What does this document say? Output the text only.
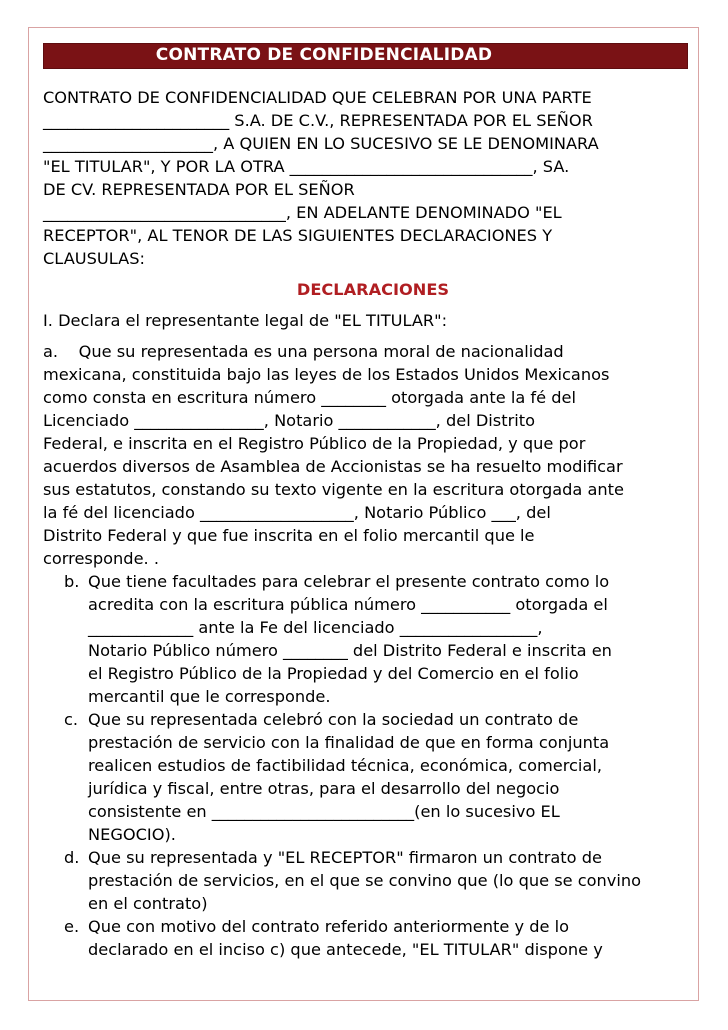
CONTRATO DE CONFIDENCIALIDAD
CONTRATO DE CONFIDENCIALIDAD QUE CELEBRAN POR UNA PARTE
_______________________ S.A. DE C.V., REPRESENTADA POR EL SEÑOR
_____________________, A QUIEN EN LO SUCESIVO SE LE DENOMINARA
"EL TITULAR", Y POR LA OTRA ______________________________, SA.
DE CV. REPRESENTADA POR EL SEÑOR
______________________________, EN ADELANTE DENOMINADO "EL
RECEPTOR", AL TENOR DE LAS SIGUIENTES DECLARACIONES Y
CLAUSULAS:
DECLARACIONES
I. Declara el representante legal de "EL TITULAR":
a.    Que su representada es una persona moral de nacionalidad
mexicana, constituida bajo las leyes de los Estados Unidos Mexicanos
como consta en escritura número ________ otorgada ante la fé del
Licenciado ________________, Notario ____________, del Distrito
Federal, e inscrita en el Registro Público de la Propiedad, y que por
acuerdos diversos de Asamblea de Accionistas se ha resuelto modificar
sus estatutos, constando su texto vigente en la escritura otorgada ante
la fé del licenciado ___________________, Notario Público ___, del
Distrito Federal y que fue inscrita en el folio mercantil que le
corresponde. .
b. Que tiene facultades para celebrar el presente contrato como lo
acredita con la escritura pública número ___________ otorgada el
_____________ ante la Fe del licenciado _________________,
Notario Público número ________ del Distrito Federal e inscrita en
el Registro Público de la Propiedad y del Comercio en el folio
mercantil que le corresponde.
c. Que su representada celebró con la sociedad un contrato de
prestación de servicio con la finalidad de que en forma conjunta
realicen estudios de factibilidad técnica, económica, comercial,
jurídica y fiscal, entre otras, para el desarrollo del negocio
consistente en _________________________(en lo sucesivo EL
NEGOCIO).
d. Que su representada y "EL RECEPTOR" firmaron un contrato de
prestación de servicios, en el que se convino que (lo que se convino
en el contrato)
e. Que con motivo del contrato referido anteriormente y de lo
declarado en el inciso c) que antecede, "EL TITULAR" dispone y
